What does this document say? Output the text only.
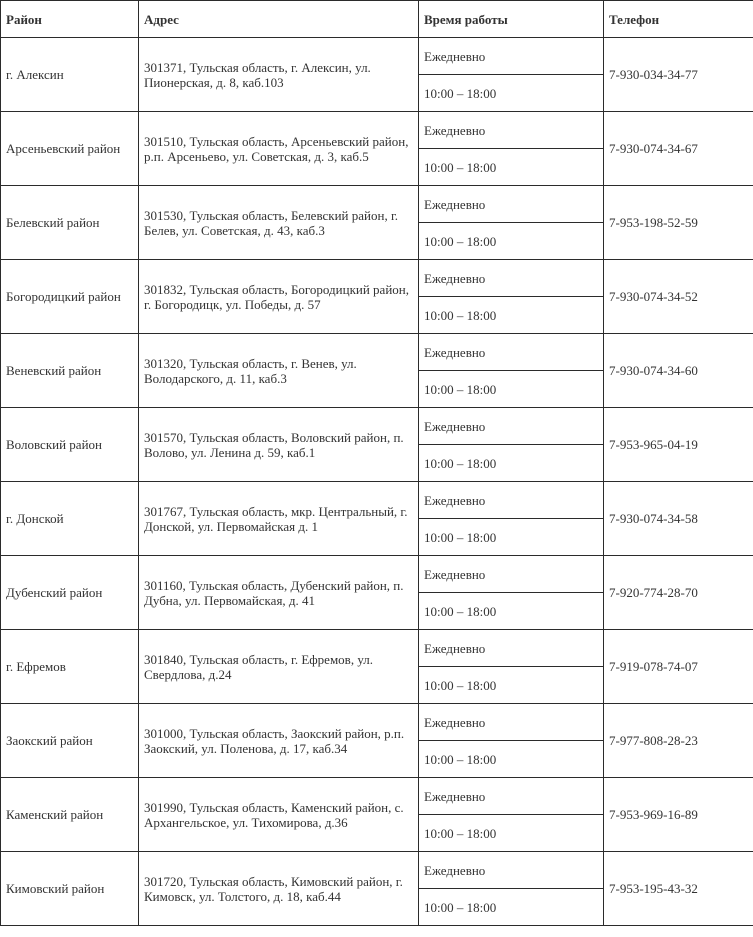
Район	Адрес	Время работы	Телефон
г. Алексин	301371, Тульская область, г. Алексин, ул. Пионерская, д. 8, каб.103	Ежедневно	7-930-034-34-77
		10:00 – 18:00	
Арсеньевский район	301510, Тульская область, Арсеньевский район, р.п. Арсеньево, ул. Советская, д. 3, каб.5	Ежедневно	7-930-074-34-67
		10:00 – 18:00	
Белевский район	301530, Тульская область, Белевский район, г. Белев, ул. Советская, д. 43, каб.3	Ежедневно	7-953-198-52-59
		10:00 – 18:00	
Богородицкий район	301832, Тульская область, Богородицкий район, г. Богородицк, ул. Победы, д. 57	Ежедневно	7-930-074-34-52
		10:00 – 18:00	
Веневский район	301320, Тульская область, г. Венев, ул. Володарского, д. 11, каб.3	Ежедневно	7-930-074-34-60
		10:00 – 18:00	
Воловский район	301570, Тульская область, Воловский район, п. Волово, ул. Ленина д. 59, каб.1	Ежедневно	7-953-965-04-19
		10:00 – 18:00	
г. Донской	301767, Тульская область, мкр. Центральный, г. Донской, ул. Первомайская д. 1	Ежедневно	7-930-074-34-58
		10:00 – 18:00	
Дубенский район	301160, Тульская область, Дубенский район, п. Дубна, ул. Первомайская, д. 41	Ежедневно	7-920-774-28-70
		10:00 – 18:00	
г. Ефремов	301840, Тульская область, г. Ефремов, ул. Свердлова, д.24	Ежедневно	7-919-078-74-07
		10:00 – 18:00	
Заокский район	301000, Тульская область, Заокский район, р.п. Заокский, ул. Поленова, д. 17, каб.34	Ежедневно	7-977-808-28-23
		10:00 – 18:00	
Каменский район	301990, Тульская область, Каменский район, с. Архангельское, ул. Тихомирова, д.36	Ежедневно	7-953-969-16-89
		10:00 – 18:00	
Кимовский район	301720, Тульская область, Кимовский район, г. Кимовск, ул. Толстого, д. 18, каб.44	Ежедневно	7-953-195-43-32
		10:00 – 18:00	
